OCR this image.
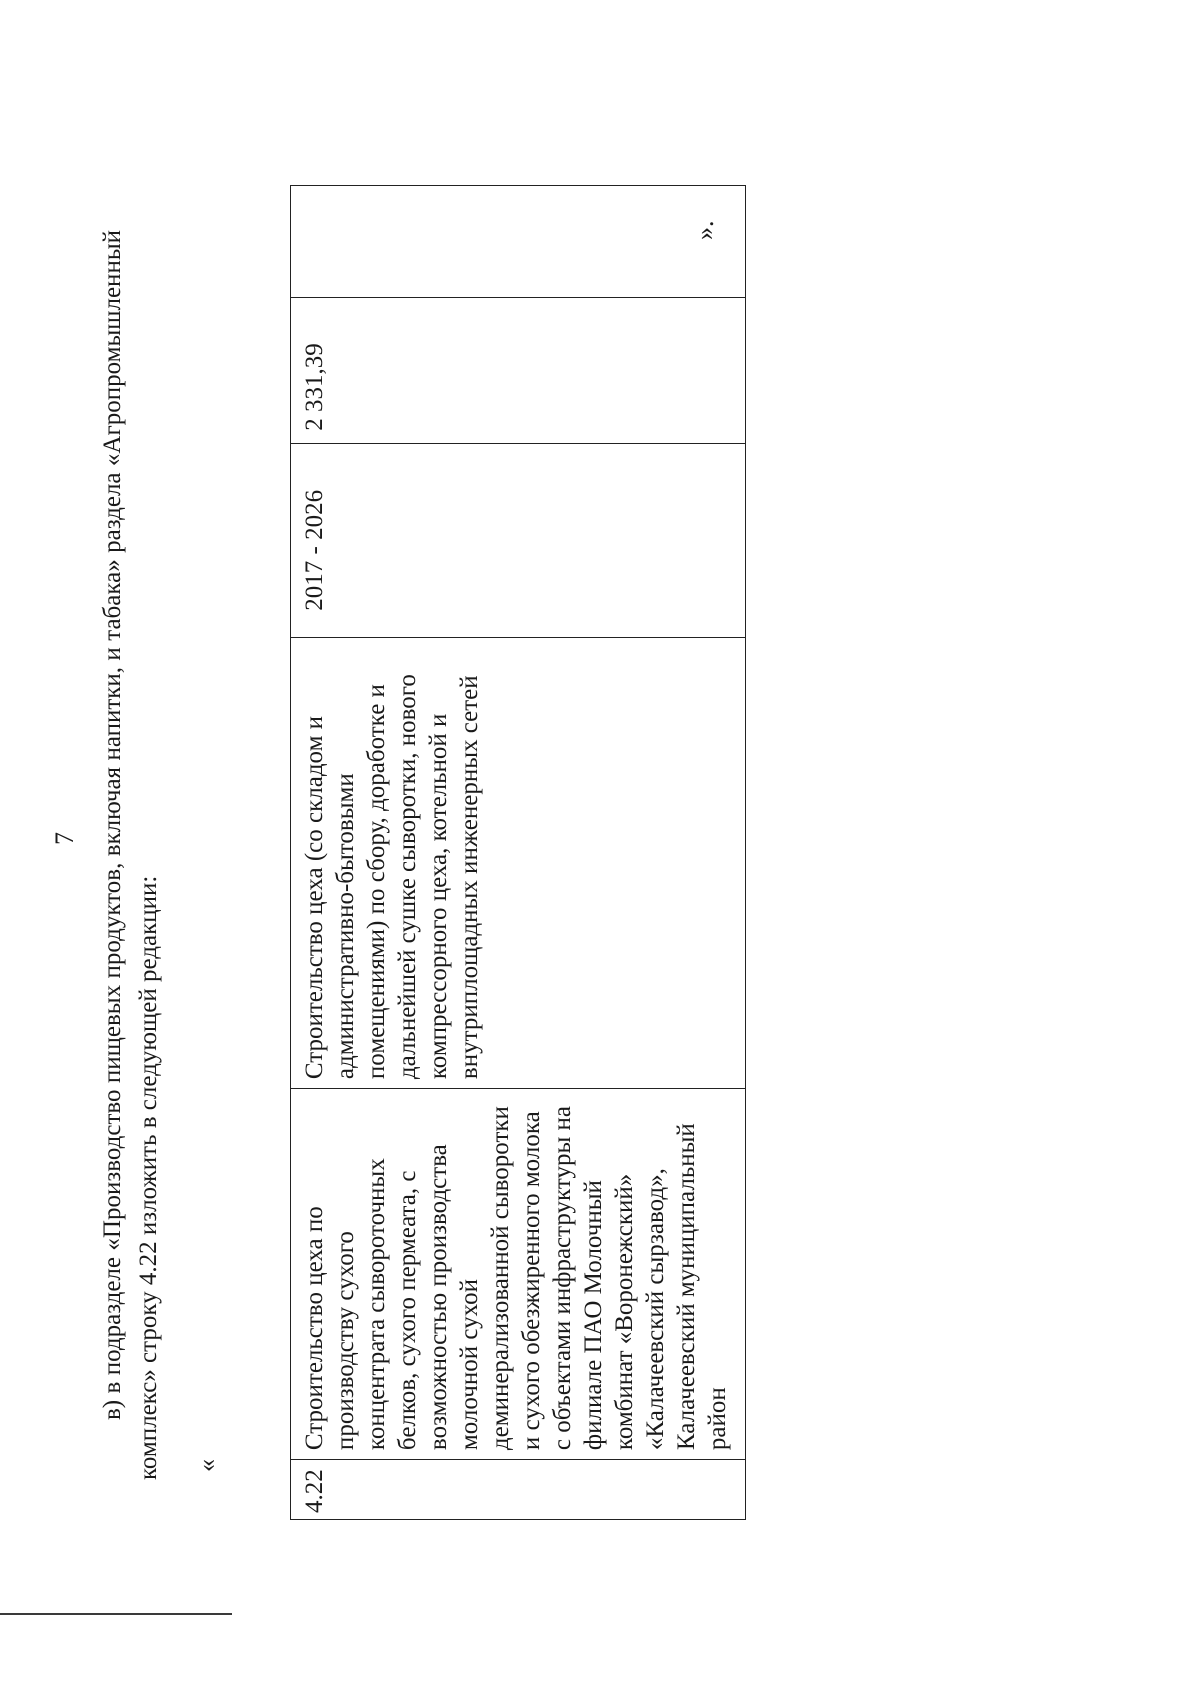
7 в) в подразделе «Производство пищевых продуктов, включая напитки, и табака» раздела «Агропромышленный комплекс» строку 4.22 изложить в следующей редакции: «
4.22	Строительство цеха по производству сухого концентрата сывороточных белков, сухого пермеата, с возможностью производства молочной сухой деминерализованной сыворотки и сухого обезжиренного молока с объектами инфраструктуры на филиале ПАО Молочный комбинат «Воронежский» «Калачеевский сырзавод», Калачеевский муниципальный район	Строительство цеха (со складом и административно-бытовыми помещениями) по сбору, доработке и дальнейшей сушке сыворотки, нового компрессорного цеха, котельной и внутриплощадных инженерных сетей	2017 - 2026	2 331,39	
».
